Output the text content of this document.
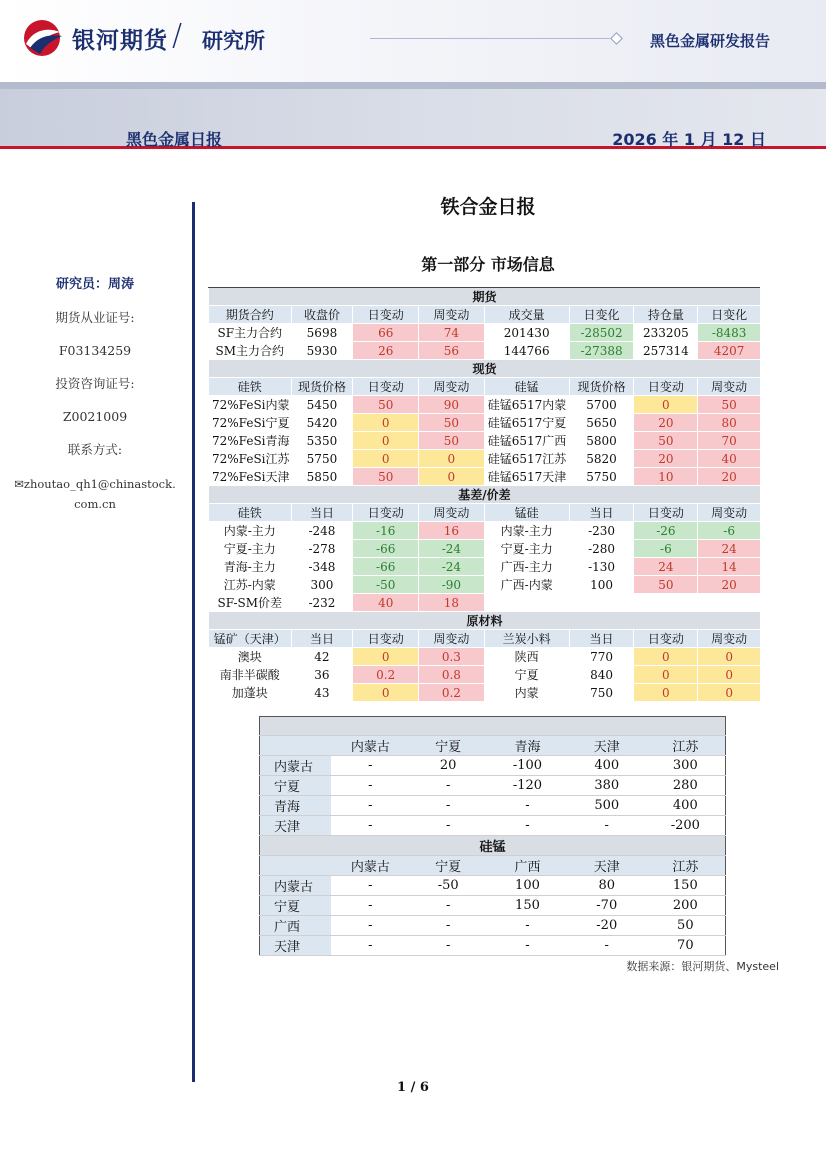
银河期货 / 研究所	黑色金属研发报告
黑色金属日报	2026 年 1 月 12 日
研究员：周涛
期货从业证号:
F03134259
投资咨询证号:
Z0021009
联系方式:
✉zhoutao_qh1@chinastock.
com.cn
铁合金日报
第一部分 市场信息
期货							
期货合约	收盘价	日变动	周变动	成交量	日变化	持仓量	日变化
SF主力合约	5698	66	74	201430	-28502	233205	-8483
SM主力合约	5930	26	56	144766	-27388	257314	4207
现货							
硅铁	现货价格	日变动	周变动	硅锰	现货价格	日变动	周变动
72%FeSi内蒙	5450	50	90	硅锰6517内蒙	5700	0	50
72%FeSi宁夏	5420	0	50	硅锰6517宁夏	5650	20	80
72%FeSi青海	5350	0	50	硅锰6517广西	5800	50	70
72%FeSi江苏	5750	0	0	硅锰6517江苏	5820	20	40
72%FeSi天津	5850	50	0	硅锰6517天津	5750	10	20
基差/价差							
硅铁	当日	日变动	周变动	锰硅	当日	日变动	周变动
内蒙-主力	-248	-16	16	内蒙-主力	-230	-26	-6
宁夏-主力	-278	-66	-24	宁夏-主力	-280	-6	24
青海-主力	-348	-66	-24	广西-主力	-130	24	14
江苏-内蒙	300	-50	-90	广西-内蒙	100	50	20
SF-SM价差	-232	40	18				
原材料							
锰矿（天津）	当日	日变动	周变动	兰炭小料	当日	日变动	周变动
澳块	42	0	0.3	陕西	770	0	0
南非半碳酸	36	0.2	0.8	宁夏	840	0	0
加蓬块	43	0	0.2	内蒙	750	0	0

	内蒙古	宁夏	青海	天津	江苏
内蒙古	-	20	-100	400	300
宁夏	-	-	-120	380	280
青海	-	-	-	500	400
天津	-	-	-	-	-200
硅锰					
	内蒙古	宁夏	广西	天津	江苏
内蒙古	-	-50	100	80	150
宁夏	-	-	150	-70	200
广西	-	-	-	-20	50
天津	-	-	-	-	70
数据来源：银河期货、Mysteel
1 / 6
